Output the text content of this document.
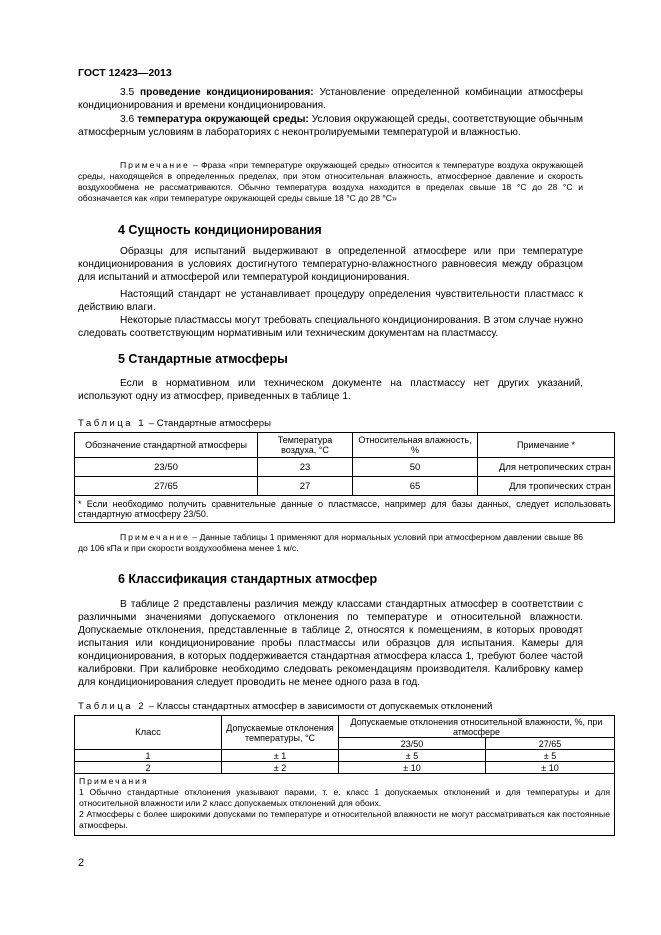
ГОСТ 12423—2013

3.5 проведение кондиционирования: Установление определенной комбинации атмосферы кондиционирования и времени кондиционирования.

3.6 температура окружающей среды: Условия окружающей среды, соответствующие обычным атмосферным условиям в лабораториях с неконтролируемыми температурой и влажностью.

Примечание – Фраза «при температуре окружающей среды» относится к температуре воздуха окружающей среды, находящейся в определенных пределах, при этом относительная влажность, атмосферное давление и скорость воздухообмена не рассматриваются. Обычно температура воздуха находится в пределах свыше 18 °С до 28 °С и обозначается как «при температуре окружающей среды свыше 18 °С до 28 °С»

4 Сущность кондиционирования

Образцы для испытаний выдерживают в определенной атмосфере или при температуре кондиционирования в условиях достигнутого температурно-влажностного равновесия между образцом для испытаний и атмосферой или температурой кондиционирования.

Настоящий стандарт не устанавливает процедуру определения чувствительности пластмасс к действию влаги.

Некоторые пластмассы могут требовать специального кондиционирования. В этом случае нужно следовать соответствующим нормативным или техническим документам на пластмассу.

5 Стандартные атмосферы

Если в нормативном или техническом документе на пластмассу нет других указаний, используют одну из атмосфер, приведенных в таблице 1.

Таблица 1 – Стандартные атмосферы
Обозначение стандартной атмосферы	Температура воздуха, °С	Относительная влажность, %	Примечание *
23/50	23	50	Для нетропических стран
27/65	27	65	Для тропических стран
* Если необходимо получить сравнительные данные о пластмассе, например для базы данных, следует использовать стандартную атмосферу 23/50.			

Примечание – Данные таблицы 1 применяют для нормальных условий при атмосферном давлении свыше 86 до 106 кПа и при скорости воздухообмена менее 1 м/с.

6 Классификация стандартных атмосфер

В таблице 2 представлены различия между классами стандартных атмосфер в соответствии с различными значениями допускаемого отклонения по температуре и относительной влажности. Допускаемые отклонения, представленные в таблице 2, относятся к помещениям, в которых проводят испытания или кондиционирование пробы пластмассы или образцов для испытания. Камеры для кондиционирования, в которых поддерживается стандартная атмосфера класса 1, требуют более частой калибровки. При калибровке необходимо следовать рекомендациям производителя. Калибровку камер для кондиционирования следует проводить не менее одного раза в год.

Таблица 2 – Классы стандартных атмосфер в зависимости от допускаемых отклонений
Класс	Допускаемые отклонения температуры, °С	Допускаемые отклонения относительной влажности, %, при атмосфере	
		23/50	27/65
1	± 1	± 5	± 5
2	± 2	± 10	± 10

Примечания
1 Обычно стандартные отклонения указывают парами, т. е. класс 1 допускаемых отклонений и для температуры и для относительной влажности или 2 класс допускаемых отклонений для обоих.
2 Атмосферы с более широкими допусками по температуре и относительной влажности не могут рассматриваться как постоянные атмосферы.			
2
